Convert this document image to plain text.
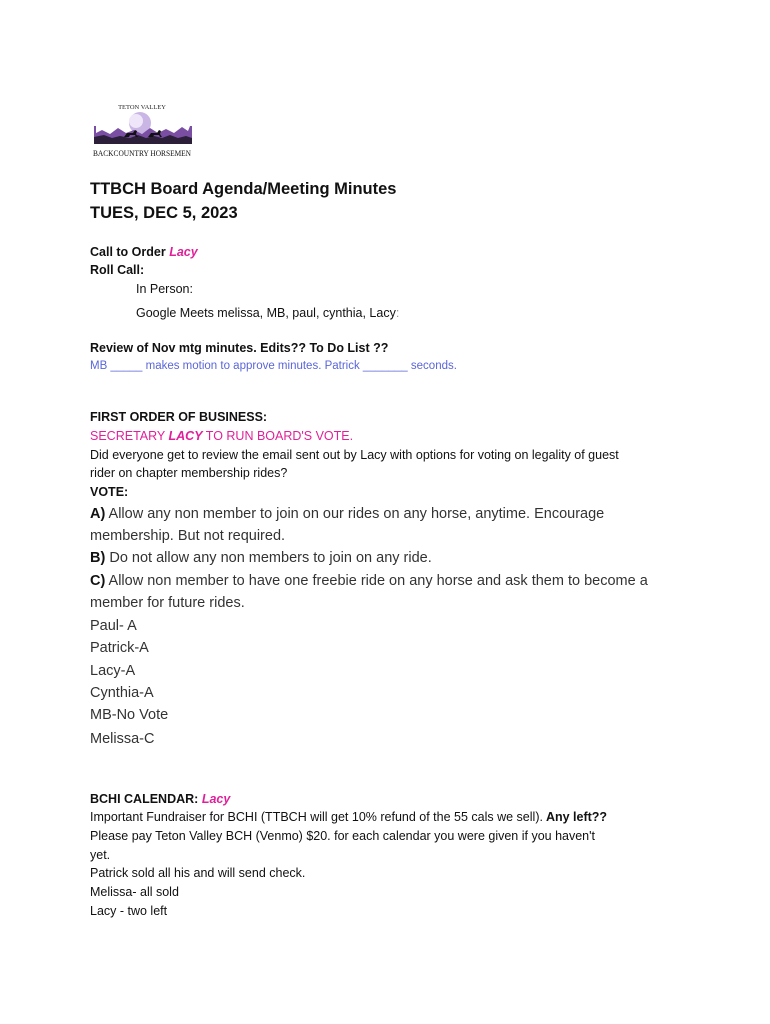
TETON VALLEY
BACKCOUNTRY HORSEMEN
TTBCH Board Agenda/Meeting Minutes
TUES, DEC 5, 2023
Call to Order Lacy
Roll Call:
In Person:
Google Meets melissa, MB, paul, cynthia, Lacy:
Review of Nov mtg minutes. Edits?? To Do List ??
MB _____ makes motion to approve minutes. Patrick _______ seconds.
FIRST ORDER OF BUSINESS:
SECRETARY LACY TO RUN BOARD'S VOTE.
Did everyone get to review the email sent out by Lacy with options for voting on legality of guest
rider on chapter membership rides?
VOTE:
A) Allow any non member to join on our rides on any horse, anytime. Encourage
membership. But not required.
B) Do not allow any non members to join on any ride.
C) Allow non member to have one freebie ride on any horse and ask them to become a
member for future rides.
Paul- A
Patrick-A
Lacy-A
Cynthia-A
MB-No Vote
Melissa-C
BCHI CALENDAR: Lacy
Important Fundraiser for BCHI (TTBCH will get 10% refund of the 55 cals we sell). Any left??
Please pay Teton Valley BCH (Venmo) $20. for each calendar you were given if you haven't
yet.
Patrick sold all his and will send check.
Melissa- all sold
Lacy - two left
